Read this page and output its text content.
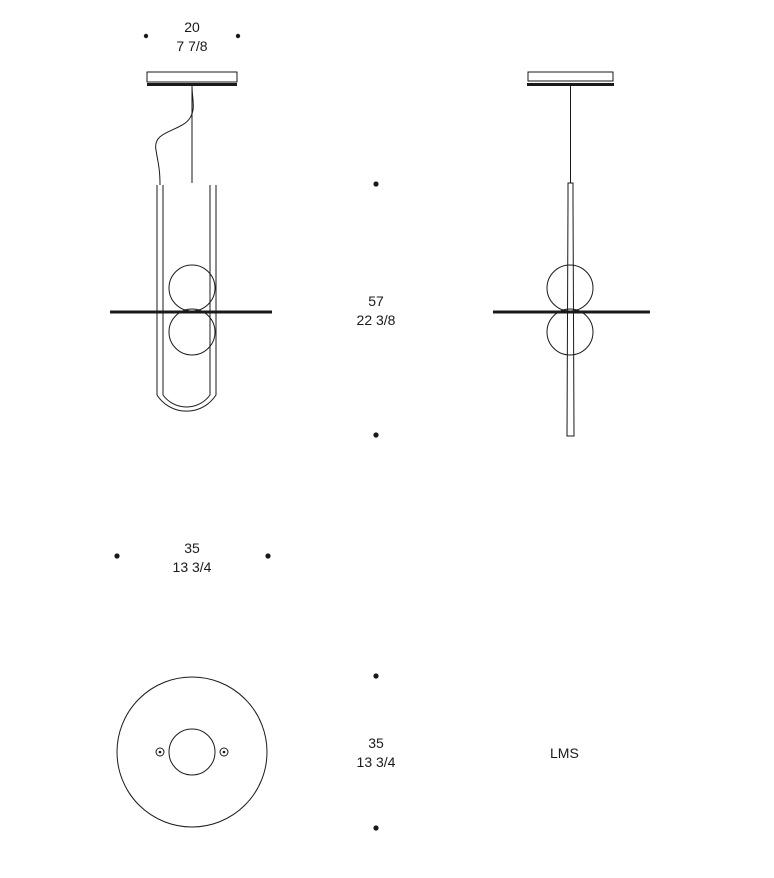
20
7 7/8
57
22 3/8
35
13 3/4
35
13 3/4
LMS
